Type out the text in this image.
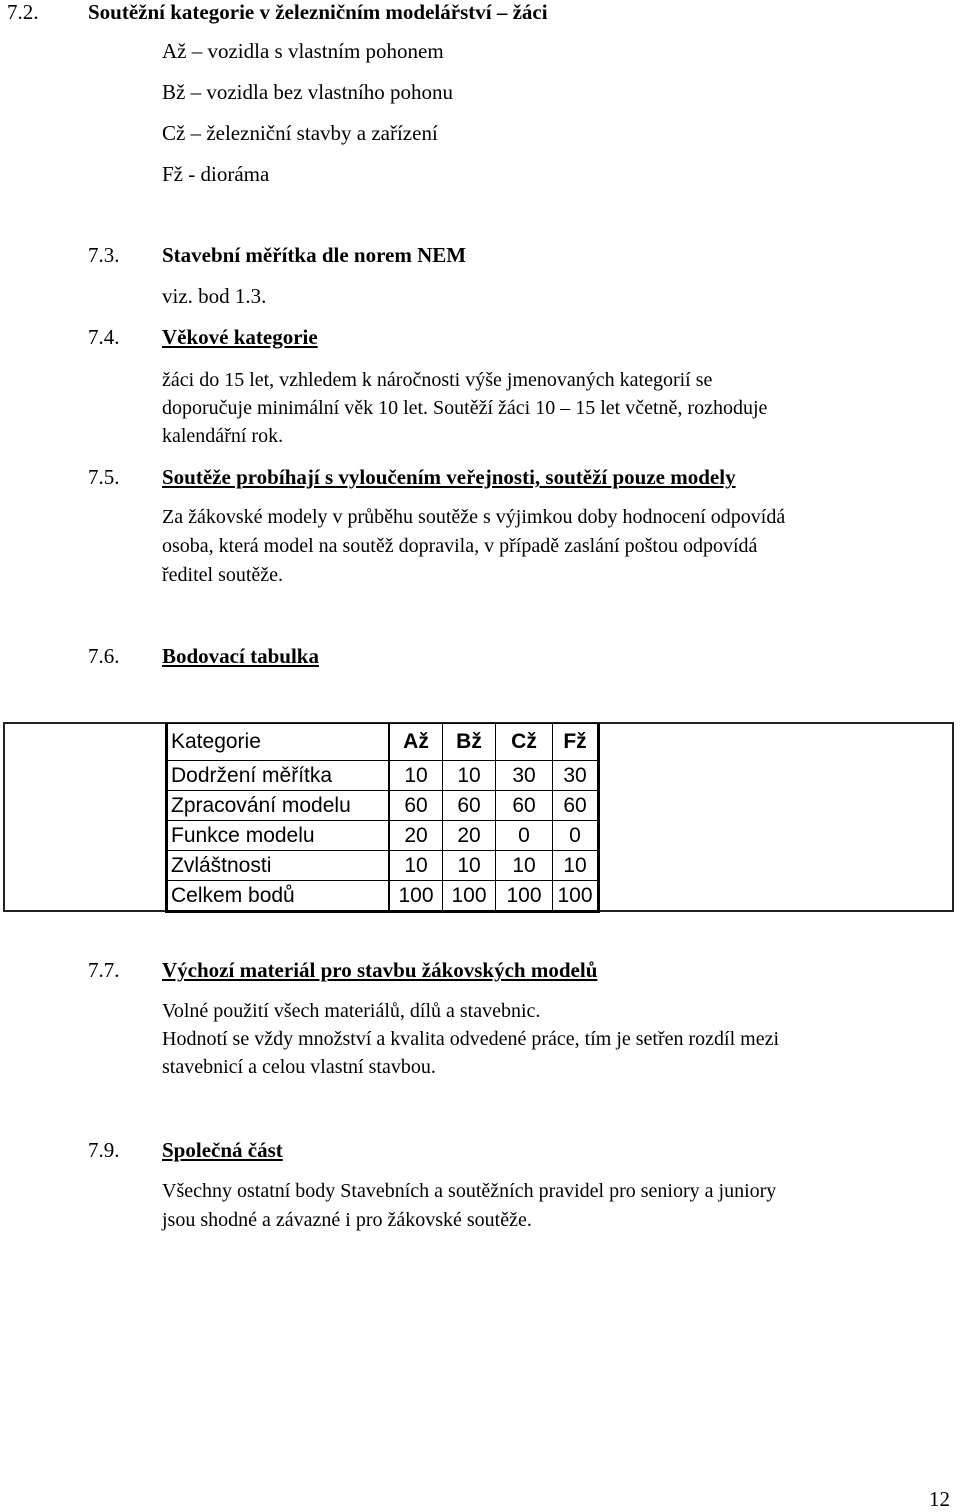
7.2. Soutěžní kategorie v železničním modelářství – žáci
Až – vozidla s vlastním pohonem
Bž – vozidla bez vlastního pohonu
Cž – železniční stavby a zařízení
Fž - dioráma
7.3. Stavební měřítka dle norem NEM
viz. bod 1.3.
7.4. Věkové kategorie
žáci do 15 let, vzhledem k náročnosti výše jmenovaných kategorií se
doporučuje minimální věk 10 let. Soutěží žáci 10 – 15 let včetně, rozhoduje
kalendářní rok.
7.5. Soutěže probíhají s vyloučením veřejnosti, soutěží pouze modely
Za žákovské modely v průběhu soutěže s výjimkou doby hodnocení odpovídá
osoba, která model na soutěž dopravila, v případě zaslání poštou odpovídá
ředitel soutěže.
7.6. Bodovací tabulka
Kategorie	Až	Bž	Cž	Fž
Dodržení měřítka	10	10	30	30
Zpracování modelu	60	60	60	60
Funkce modelu	20	20	0	0
Zvláštnosti	10	10	10	10
Celkem bodů	100	100	100	100
7.7. Výchozí materiál pro stavbu žákovských modelů
Volné použití všech materiálů, dílů a stavebnic.
Hodnotí se vždy množství a kvalita odvedené práce, tím je setřen rozdíl mezi
stavebnicí a celou vlastní stavbou.
7.9. Společná část
Všechny ostatní body Stavebních a soutěžních pravidel pro seniory a juniory
jsou shodné a závazné i pro žákovské soutěže.
12
